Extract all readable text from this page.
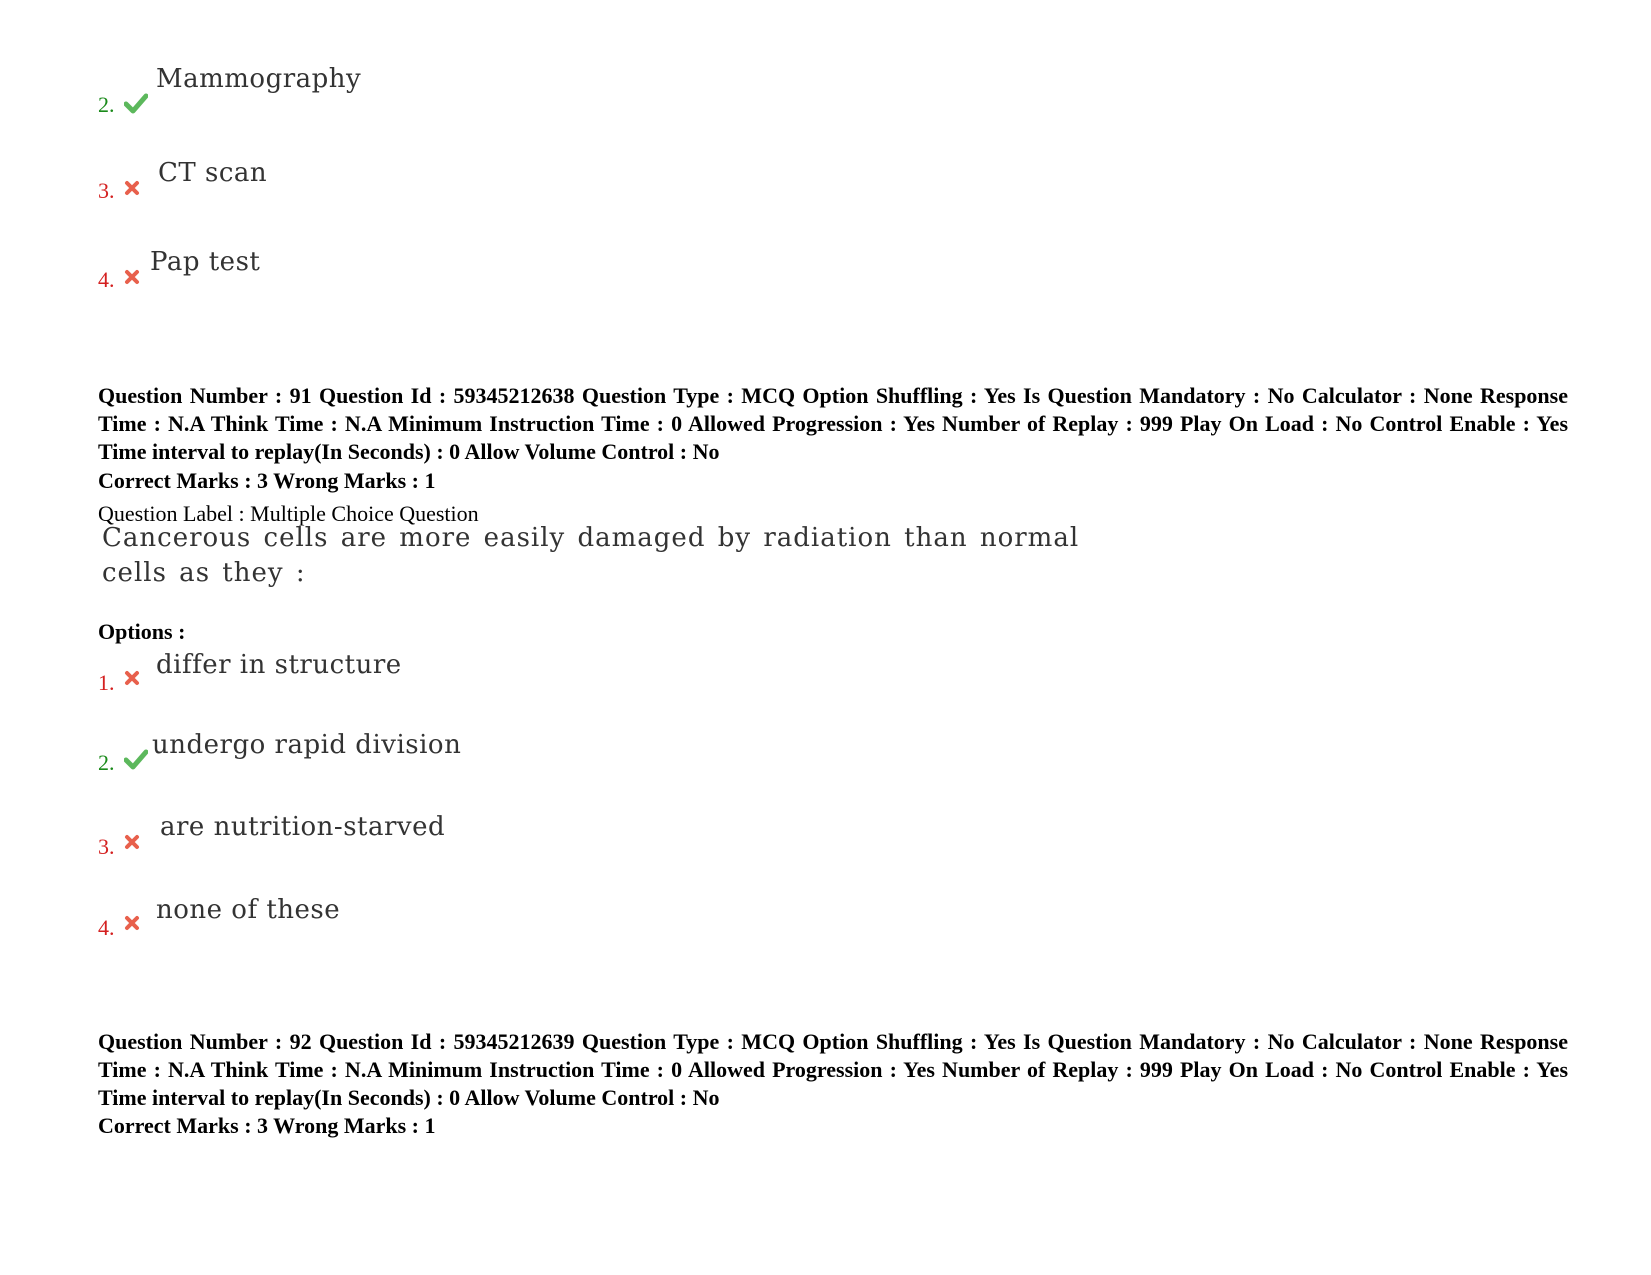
2.
Mammography
3.
CT scan
4.
Pap test
Question Number : 91 Question Id : 59345212638 Question Type : MCQ Option Shuffling : Yes Is Question Mandatory : No Calculator : None Response Time : N.A Think Time : N.A Minimum Instruction Time : 0 Allowed Progression : Yes Number of Replay : 999 Play On Load : No Control Enable : Yes Time interval to replay(In Seconds) : 0 Allow Volume Control : No
Correct Marks : 3 Wrong Marks : 1
Question Label : Multiple Choice Question
Cancerous cells are more easily damaged by radiation than normal
cells as they :
Options :
1.
differ in structure
2.
undergo rapid division
3.
are nutrition-starved
4.
none of these
Question Number : 92 Question Id : 59345212639 Question Type : MCQ Option Shuffling : Yes Is Question Mandatory : No Calculator : None Response Time : N.A Think Time : N.A Minimum Instruction Time : 0 Allowed Progression : Yes Number of Replay : 999 Play On Load : No Control Enable : Yes Time interval to replay(In Seconds) : 0 Allow Volume Control : No
Correct Marks : 3 Wrong Marks : 1
